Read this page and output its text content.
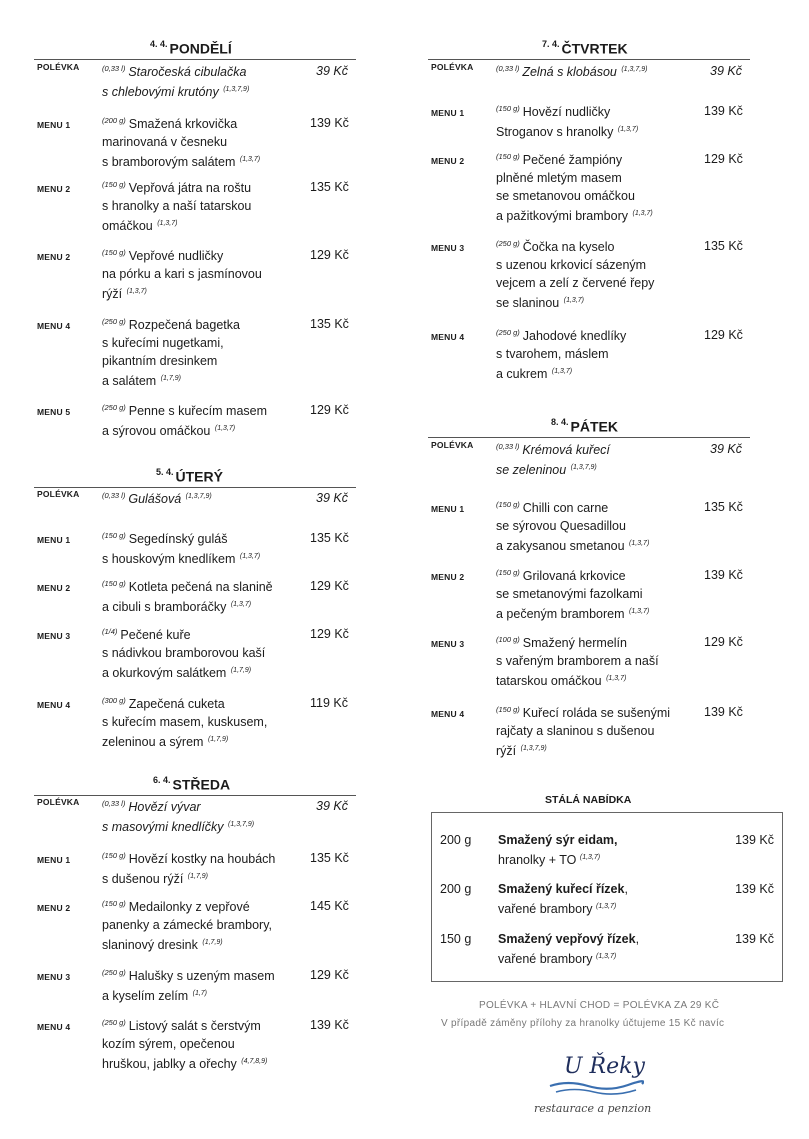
$^{4. 4.}$ PONDĚLÍ
$^{5. 4.}$ ÚTERÝ
$^{6. 4.}$ STŘEDA
$^{7. 4.}$ ČTVRTEK
$^{8. 4.}$ PÁTEK
STÁLÁ NABÍDKA
200 g Smažený sýr eidam,
hranolky + TO $^{(1,3,7)}$
139 Kč
200 g Smažený kuřecí řízek,
vařené brambory $^{(1,3,7)}$
139 Kč
150 g Smažený vepřový řízek,
vařené brambory $^{(1,3,7)}$
139 Kč
POLÉVKA + HLAVNÍ CHOD = POLÉVKA ZA 29 KČ
V případě záměny přílohy za hranolky účtujeme 15 Kč navíc
U Řeky
restaurace a penzion
POLÉVKA	$^{(0,33 l)}$ Staročeská cibulačka
s chlebovými krutóny $^{(1,3,7,9)}$
39 Kč
MENU 1	$^{(200 g)}$ Smažená krkovička
marinovaná v česneku
s bramborovým salátem $^{(1,3,7)}$
139 Kč
MENU 2	$^{(150 g)}$ Vepřová játra na roštu
s hranolky a naší tatarskou
omáčkou $^{(1,3,7)}$
135 Kč
MENU 2	$^{(150 g)}$ Vepřové nudličky
na pórku a kari s jasmínovou
rýží $^{(1,3,7)}$
129 Kč
MENU 4	$^{(250 g)}$ Rozpečená bagetka
s kuřecími nugetkami,
pikantním dresinkem
a salátem $^{(1,7,9)}$
135 Kč
MENU 5	$^{(250 g)}$ Penne s kuřecím masem
a sýrovou omáčkou $^{(1,3,7)}$
129 Kč
POLÉVKA	$^{(0,33 l)}$ Gulášová $^{(1,3,7,9)}$	39 Kč
MENU 1	$^{(150 g)}$ Segedínský guláš
s houskovým knedlíkem $^{(1,3,7)}$
135 Kč
MENU 2	$^{(150 g)}$ Kotleta pečená na slanině
a cibuli s bramboráčky $^{(1,3,7)}$
129 Kč
MENU 3	$^{(1/4)}$ Pečené kuře
s nádivkou bramborovou kaší
a okurkovým salátkem $^{(1,7,9)}$
129 Kč
MENU 4	$^{(300 g)}$ Zapečená cuketa
s kuřecím masem, kuskusem,
zeleninou a sýrem $^{(1,7,9)}$
119 Kč
POLÉVKA	$^{(0,33 l)}$ Hovězí vývar
s masovými knedlíčky $^{(1,3,7,9)}$
39 Kč
MENU 1	$^{(150 g)}$ Hovězí kostky na houbách
s dušenou rýží $^{(1,7,9)}$
135 Kč
MENU 2	$^{(150 g)}$ Medailonky z vepřové
panenky a zámecké brambory,
slaninový dresink $^{(1,7,9)}$
145 Kč
MENU 3	$^{(250 g)}$ Halušky s uzeným masem
a kyselím zelím $^{(1,7)}$
129 Kč
MENU 4	$^{(250 g)}$ Listový salát s čerstvým
kozím sýrem, opečenou
hruškou, jablky a ořechy $^{(4,7,8,9)}$
139 Kč
POLÉVKA	$^{(0,33 l)}$ Zelná s klobásou $^{(1,3,7,9)}$	39 Kč
MENU 1	$^{(150 g)}$ Hovězí nudličky
Stroganov s hranolky $^{(1,3,7)}$
139 Kč
MENU 2	$^{(150 g)}$ Pečené žampióny
plněné mletým masem
se smetanovou omáčkou
a pažitkovými brambory $^{(1,3,7)}$
129 Kč
MENU 3	$^{(250 g)}$ Čočka na kyselo
s uzenou krkovicí sázeným
vejcem a zelí z červené řepy
se slaninou $^{(1,3,7)}$
135 Kč
MENU 4	$^{(250 g)}$ Jahodové knedlíky
s tvarohem, máslem
a cukrem $^{(1,3,7)}$
129 Kč
POLÉVKA	$^{(0,33 l)}$ Krémová kuřecí
se zeleninou $^{(1,3,7,9)}$
39 Kč
MENU 1	$^{(150 g)}$ Chilli con carne
se sýrovou Quesadillou
a zakysanou smetanou $^{(1,3,7)}$
135 Kč
MENU 2	$^{(150 g)}$ Grilovaná krkovice
se smetanovými fazolkami
a pečeným bramborem $^{(1,3,7)}$
139 Kč
MENU 3	$^{(100 g)}$ Smažený hermelín
s vařeným bramborem a naší
tatarskou omáčkou $^{(1,3,7)}$
129 Kč
MENU 4	$^{(150 g)}$ Kuřecí roláda se sušenými
rajčaty a slaninou s dušenou
rýží $^{(1,3,7,9)}$
139 Kč
